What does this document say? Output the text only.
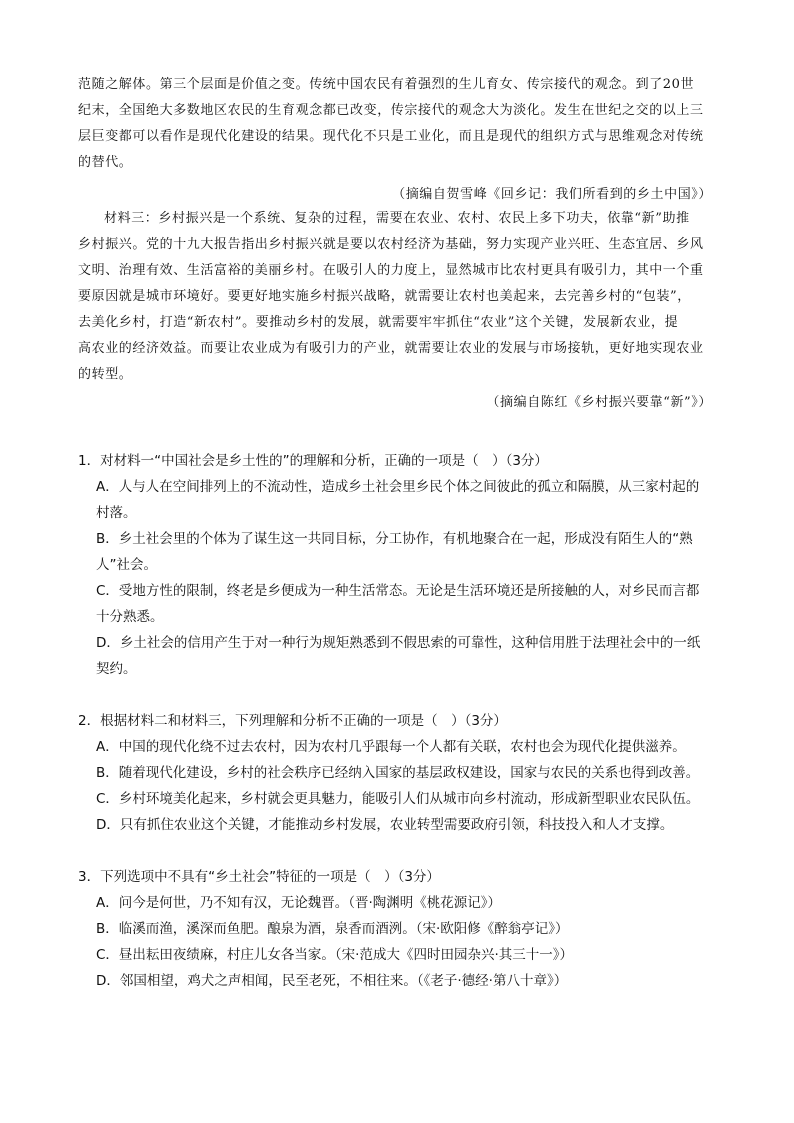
范随之解体。第三个层面是价值之变。传统中国农民有着强烈的生儿育女、传宗接代的观念。到了20世
纪末，全国绝大多数地区农民的生育观念都已改变，传宗接代的观念大为淡化。发生在世纪之交的以上三
层巨变都可以看作是现代化建设的结果。现代化不只是工业化，而且是现代的组织方式与思维观念对传统
的替代。
（摘编自贺雪峰《回乡记：我们所看到的乡土中国》）
材料三：乡村振兴是一个系统、复杂的过程，需要在农业、农村、农民上多下功夫，依靠“新”助推
乡村振兴。党的十九大报告指出乡村振兴就是要以农村经济为基础，努力实现产业兴旺、生态宜居、乡风
文明、治理有效、生活富裕的美丽乡村。在吸引人的力度上，显然城市比农村更具有吸引力，其中一个重
要原因就是城市环境好。要更好地实施乡村振兴战略，就需要让农村也美起来，去完善乡村的“包装”，
去美化乡村，打造“新农村”。要推动乡村的发展，就需要牢牢抓住“农业”这个关键，发展新农业，提
高农业的经济效益。而要让农业成为有吸引力的产业，就需要让农业的发展与市场接轨，更好地实现农业
的转型。
（摘编自陈红《乡村振兴要靠“新”》）
1．对材料一“中国社会是乡土性的”的理解和分析，正确的一项是（　）（3分）
A．人与人在空间排列上的不流动性，造成乡土社会里乡民个体之间彼此的孤立和隔膜，从三家村起的
村落。
B．乡土社会里的个体为了谋生这一共同目标，分工协作，有机地聚合在一起，形成没有陌生人的“熟
人”社会。
C．受地方性的限制，终老是乡便成为一种生活常态。无论是生活环境还是所接触的人，对乡民而言都
十分熟悉。
D．乡土社会的信用产生于对一种行为规矩熟悉到不假思索的可靠性，这种信用胜于法理社会中的一纸
契约。
2．根据材料二和材料三，下列理解和分析不正确的一项是（　）（3分）
A．中国的现代化绕不过去农村，因为农村几乎跟每一个人都有关联，农村也会为现代化提供滋养。
B．随着现代化建设，乡村的社会秩序已经纳入国家的基层政权建设，国家与农民的关系也得到改善。
C．乡村环境美化起来，乡村就会更具魅力，能吸引人们从城市向乡村流动，形成新型职业农民队伍。
D．只有抓住农业这个关键，才能推动乡村发展，农业转型需要政府引领，科技投入和人才支撑。
3．下列选项中不具有“乡土社会”特征的一项是（　）（3分）
A．问今是何世，乃不知有汉，无论魏晋。（晋·陶渊明《桃花源记》）
B．临溪而渔，溪深而鱼肥。酿泉为酒，泉香而酒洌。（宋·欧阳修《醉翁亭记》）
C．昼出耘田夜绩麻，村庄儿女各当家。（宋·范成大《四时田园杂兴·其三十一》）
D．邻国相望，鸡犬之声相闻，民至老死，不相往来。（《老子·德经·第八十章》）
